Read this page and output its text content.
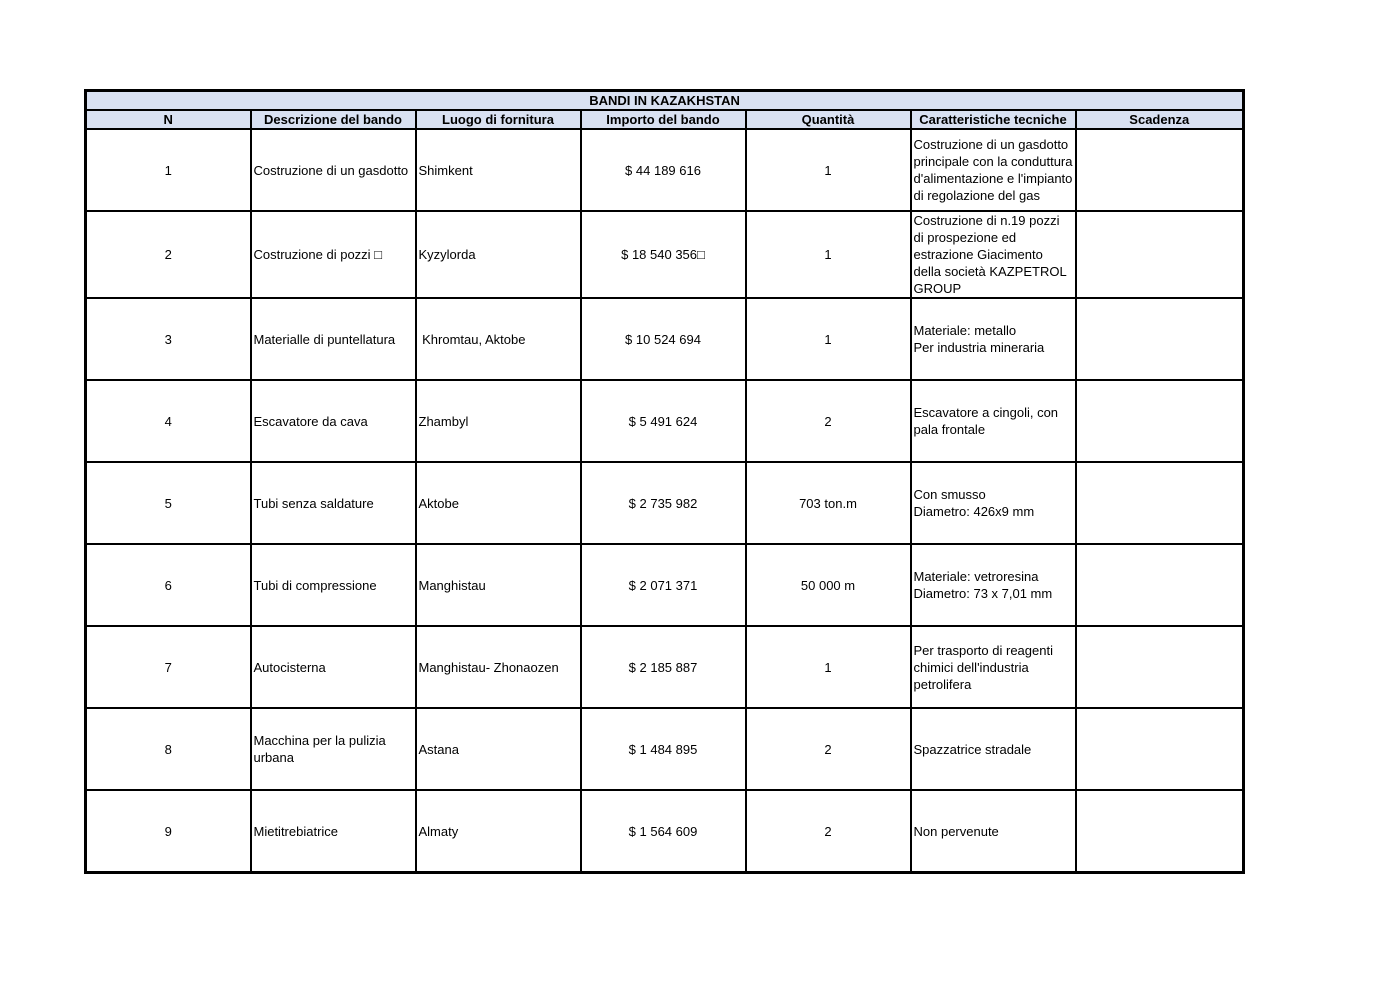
BANDI IN KAZAKHSTAN						
N	Descrizione del bando	Luogo di fornitura	Importo del bando	Quantità	Caratteristiche tecniche	Scadenza
1	Costruzione di un gasdotto	Shimkent	$ 44 189 616	1	Costruzione di un gasdotto principale con la conduttura d'alimentazione e l'impianto di regolazione del gas	
2	Costruzione di pozzi □	Kyzylorda	$ 18 540 356□	1	Costruzione di n.19 pozzi di prospezione ed estrazione Giacimento della società KAZPETROL GROUP	
3	Materialle di puntellatura	Khromtau, Aktobe	$ 10 524 694	1	Materiale: metallo
Per industria mineraria	
4	Escavatore da cava	Zhambyl	$ 5 491 624	2	Escavatore a cingoli, con pala frontale	
5	Tubi senza saldature	Aktobe	$ 2 735 982	703 ton.m	Con smusso
Diametro: 426x9 mm	
6	Tubi di compressione	Manghistau	$ 2 071 371	50 000 m	Materiale: vetroresina
Diametro: 73 x 7,01 mm	
7	Autocisterna	Manghistau- Zhonaozen	$ 2 185 887	1	Per trasporto di reagenti chimici dell'industria petrolifera	
8	Macchina per la pulizia urbana	Astana	$ 1 484 895	2	Spazzatrice stradale	
9	Mietitrebiatrice	Almaty	$ 1 564 609	2	Non pervenute	
